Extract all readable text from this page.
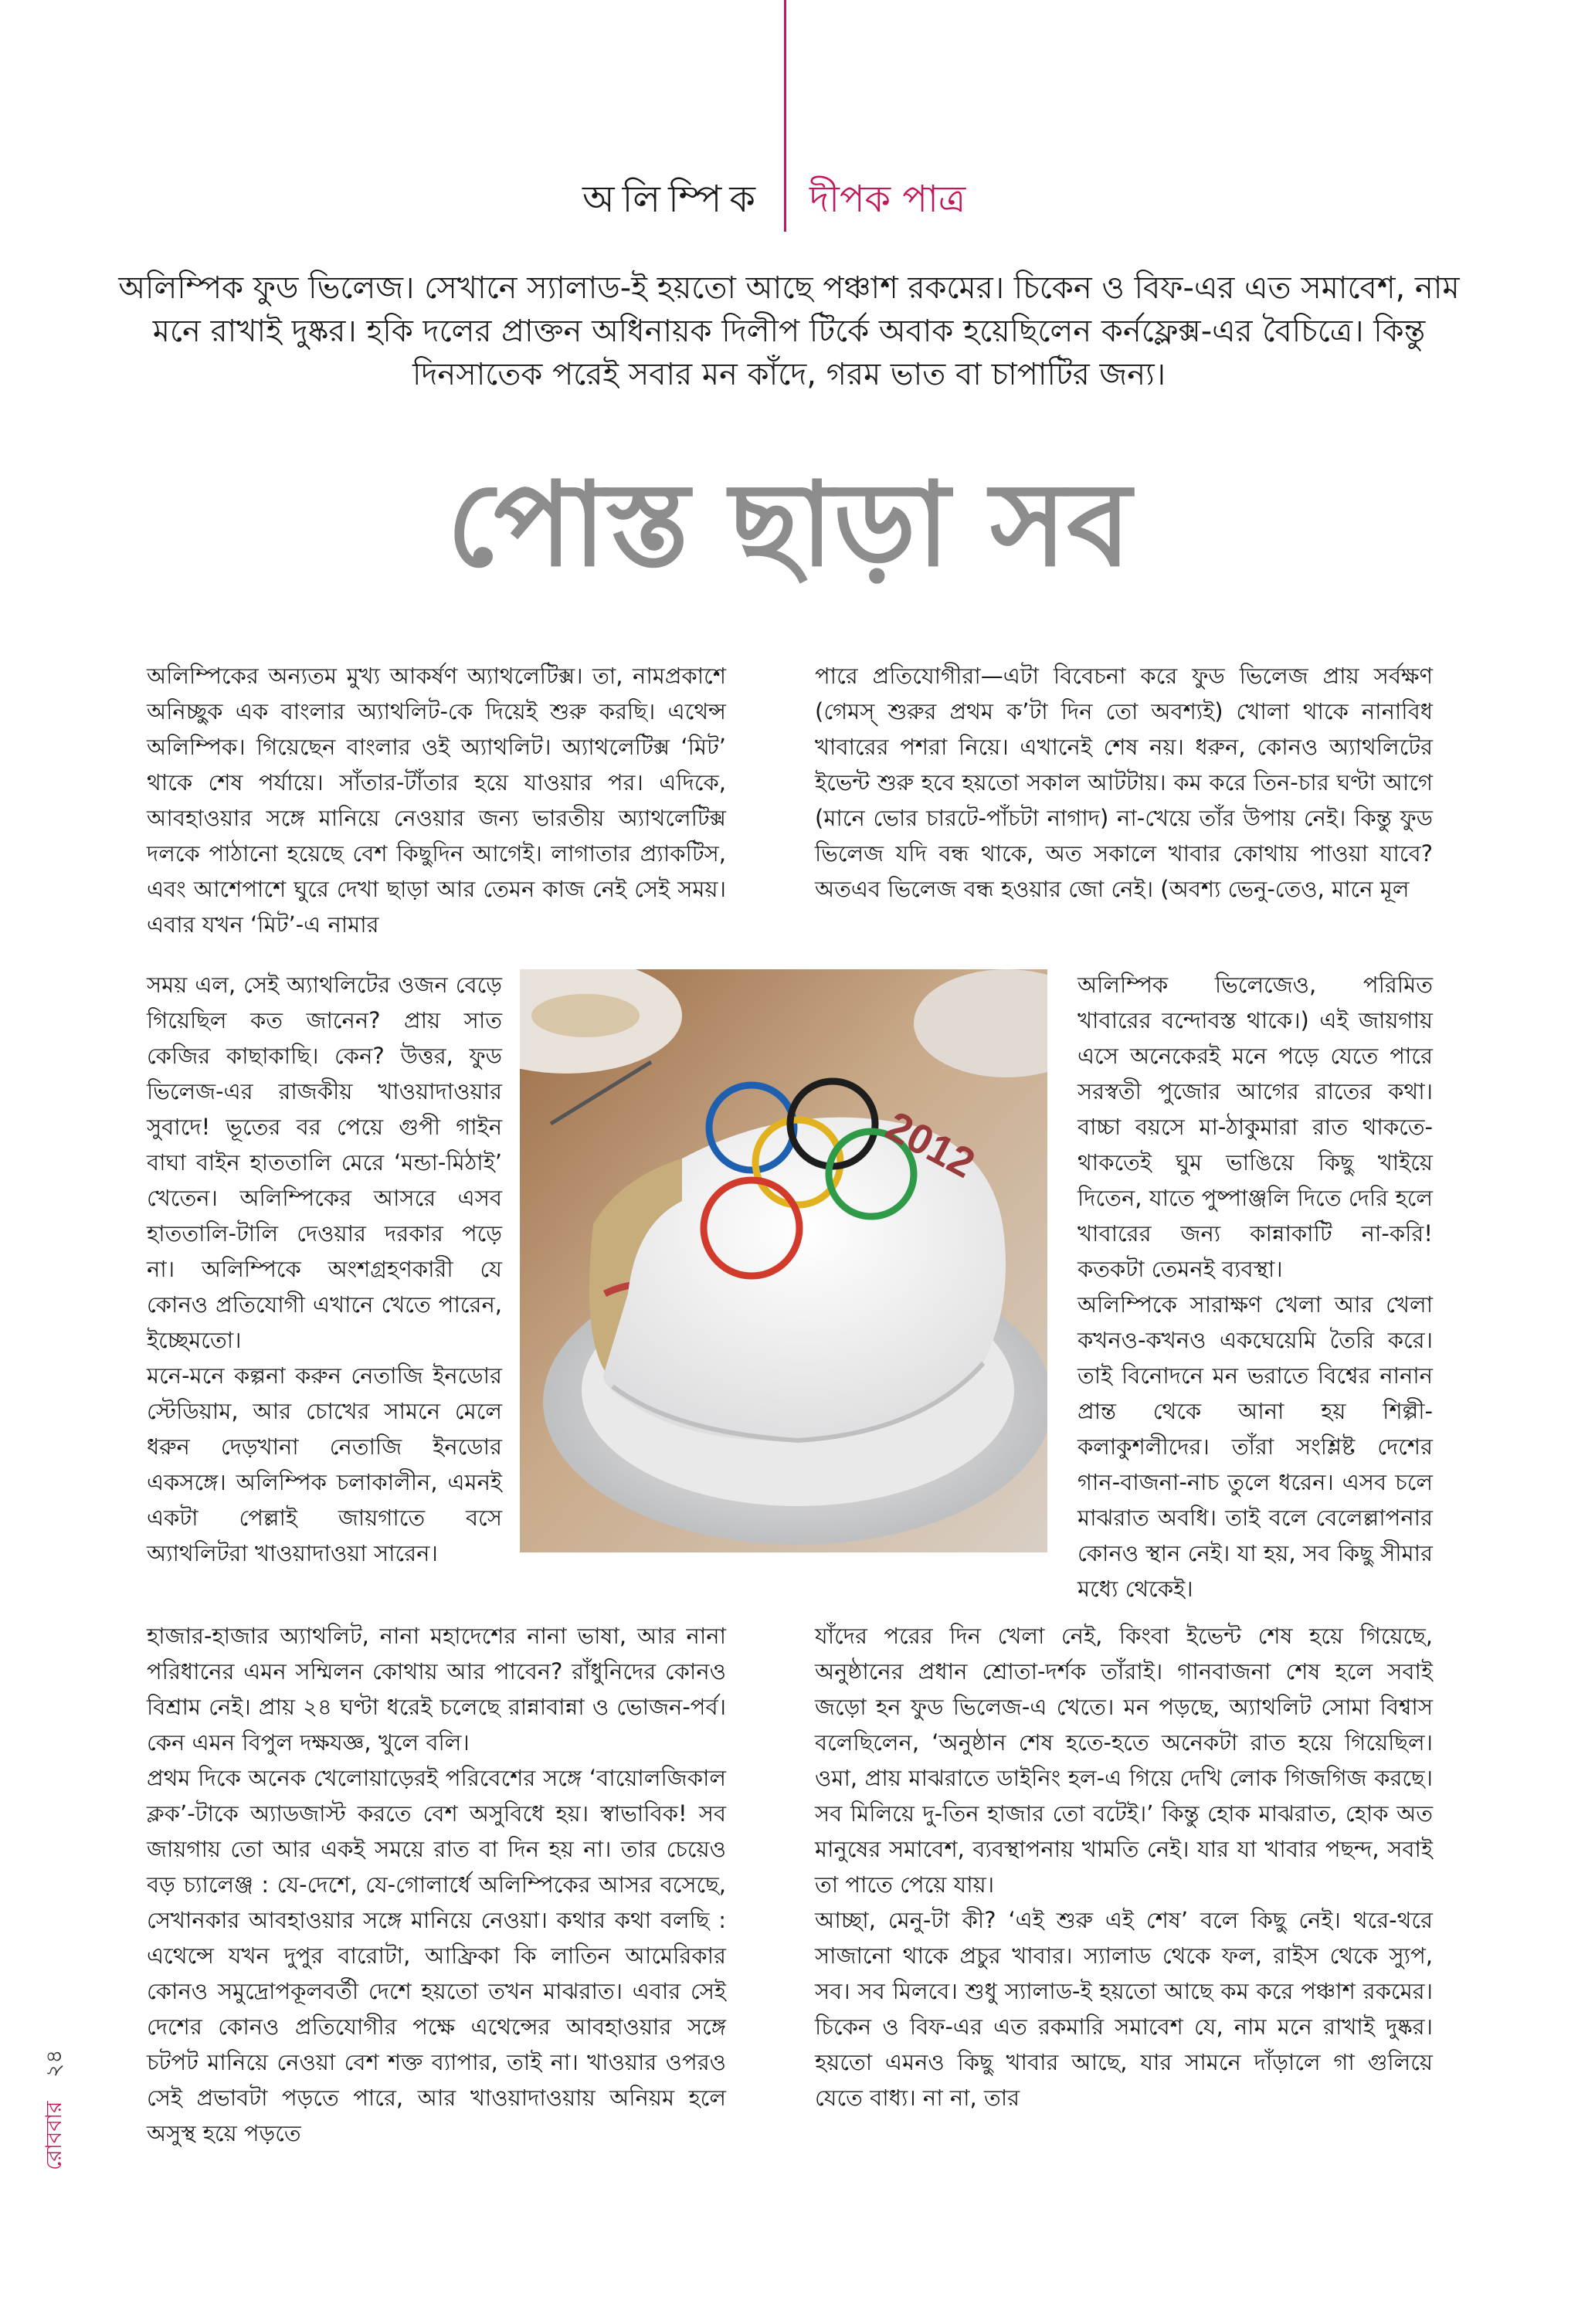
অলিম্পিক দীপক পাত্র

অলিম্পিক ফুড ভিলেজ। সেখানে স্যালাড-ই হয়তো আছে পঞ্চাশ রকমের। চিকেন ও বিফ-এর এত সমাবেশ, নাম মনে রাখাই দুষ্কর। হকি দলের প্রাক্তন অধিনায়ক দিলীপ টির্কে অবাক হয়েছিলেন কর্নফ্লেক্স-এর বৈচিত্রে। কিন্তু দিনসাতেক পরেই সবার মন কাঁদে, গরম ভাত বা চাপাটির জন্য।

পোস্ত ছাড়া সব

অলিম্পিকের অন্যতম মুখ্য আকর্ষণ অ্যাথলেটিক্স। তা, নামপ্রকাশে অনিচ্ছুক এক বাংলার অ্যাথলিট-কে দিয়েই শুরু করছি। এথেন্স অলিম্পিক। গিয়েছেন বাংলার ওই অ্যাথলিট। অ্যাথলেটিক্স ‘মিট’ থাকে শেষ পর্যায়ে। সাঁতার-টাঁতার হয়ে যাওয়ার পর। এদিকে, আবহাওয়ার সঙ্গে মানিয়ে নেওয়ার জন্য ভারতীয় অ্যাথলেটিক্স দলকে পাঠানো হয়েছে বেশ কিছুদিন আগেই। লাগাতার প্র্যাকটিস, এবং আশেপাশে ঘুরে দেখা ছাড়া আর তেমন কাজ নেই সেই সময়। এবার যখন ‘মিট’-এ নামার

সময় এল, সেই অ্যাথলিটের ওজন বেড়ে গিয়েছিল কত জানেন? প্রায় সাত কেজির কাছাকাছি। কেন? উত্তর, ফুড ভিলেজ-এর রাজকীয় খাওয়াদাওয়ার সুবাদে! ভূতের বর পেয়ে গুপী গাইন বাঘা বাইন হাততালি মেরে ‘মন্ডা-মিঠাই’ খেতেন। অলিম্পিকের আসরে এসব হাততালি-টালি দেওয়ার দরকার পড়ে না। অলিম্পিকে অংশগ্রহণকারী যে কোনও প্রতিযোগী এখানে খেতে পারেন, ইচ্ছেমতো।
মনে-মনে কল্পনা করুন নেতাজি ইনডোর স্টেডিয়াম, আর চোখের সামনে মেলে ধরুন দেড়খানা নেতাজি ইনডোর একসঙ্গে। অলিম্পিক চলাকালীন, এমনই একটা পেল্লাই জায়গাতে বসে অ্যাথলিটরা খাওয়াদাওয়া সারেন।

হাজার-হাজার অ্যাথলিট, নানা মহাদেশের নানা ভাষা, আর নানা পরিধানের এমন সম্মিলন কোথায় আর পাবেন? রাঁধুনিদের কোনও বিশ্রাম নেই। প্রায় ২৪ ঘণ্টা ধরেই চলেছে রান্নাবান্না ও ভোজন-পর্ব। কেন এমন বিপুল দক্ষযজ্ঞ, খুলে বলি।
প্রথম দিকে অনেক খেলোয়াড়েরই পরিবেশের সঙ্গে ‘বায়োলজিকাল ক্লক’-টাকে অ্যাডজাস্ট করতে বেশ অসুবিধে হয়। স্বাভাবিক! সব জায়গায় তো আর একই সময়ে রাত বা দিন হয় না। তার চেয়েও বড় চ্যালেঞ্জ : যে-দেশে, যে-গোলার্ধে অলিম্পিকের আসর বসেছে, সেখানকার আবহাওয়ার সঙ্গে মানিয়ে নেওয়া। কথার কথা বলছি : এথেন্সে যখন দুপুর বারোটা, আফ্রিকা কি লাতিন আমেরিকার কোনও সমুদ্রোপকূলবর্তী দেশে হয়তো তখন মাঝরাত। এবার সেই দেশের কোনও প্রতিযোগীর পক্ষে এথেন্সের আবহাওয়ার সঙ্গে চটপট মানিয়ে নেওয়া বেশ শক্ত ব্যাপার, তাই না। খাওয়ার ওপরও সেই প্রভাবটা পড়তে পারে, আর খাওয়াদাওয়ায় অনিয়ম হলে অসুস্থ হয়ে পড়তে

পারে প্রতিযোগীরা—এটা বিবেচনা করে ফুড ভিলেজ প্রায় সর্বক্ষণ (গেমস্ শুরুর প্রথম ক’টা দিন তো অবশ্যই) খোলা থাকে নানাবিধ খাবারের পশরা নিয়ে। এখানেই শেষ নয়। ধরুন, কোনও অ্যাথলিটের ইভেন্ট শুরু হবে হয়তো সকাল আটটায়। কম করে তিন-চার ঘণ্টা আগে (মানে ভোর চারটে-পাঁচটা নাগাদ) না-খেয়ে তাঁর উপায় নেই। কিন্তু ফুড ভিলেজ যদি বন্ধ থাকে, অত সকালে খাবার কোথায় পাওয়া যাবে? অতএব ভিলেজ বন্ধ হওয়ার জো নেই। (অবশ্য ভেনু-তেও, মানে মূল

অলিম্পিক ভিলেজেও, পরিমিত খাবারের বন্দোবস্ত থাকে।) এই জায়গায় এসে অনেকেরই মনে পড়ে যেতে পারে সরস্বতী পুজোর আগের রাতের কথা। বাচ্চা বয়সে মা-ঠাকুমারা রাত থাকতে-থাকতেই ঘুম ভাঙিয়ে কিছু খাইয়ে দিতেন, যাতে পুষ্পাঞ্জলি দিতে দেরি হলে খাবারের জন্য কান্নাকাটি না-করি! কতকটা তেমনই ব্যবস্থা।
অলিম্পিকে সারাক্ষণ খেলা আর খেলা কখনও-কখনও একঘেয়েমি তৈরি করে। তাই বিনোদনে মন ভরাতে বিশ্বের নানান প্রান্ত থেকে আনা হয় শিল্পী-কলাকুশলীদের। তাঁরা সংশ্লিষ্ট দেশের গান-বাজনা-নাচ তুলে ধরেন। এসব চলে মাঝরাত অবধি। তাই বলে বেলেল্লাপনার কোনও স্থান নেই। যা হয়, সব কিছু সীমার মধ্যে থেকেই।

যাঁদের পরের দিন খেলা নেই, কিংবা ইভেন্ট শেষ হয়ে গিয়েছে, অনুষ্ঠানের প্রধান শ্রোতা-দর্শক তাঁরাই। গানবাজনা শেষ হলে সবাই জড়ো হন ফুড ভিলেজ-এ খেতে। মন পড়ছে, অ্যাথলিট সোমা বিশ্বাস বলেছিলেন, ‘অনুষ্ঠান শেষ হতে-হতে অনেকটা রাত হয়ে গিয়েছিল। ওমা, প্রায় মাঝরাতে ডাইনিং হল-এ গিয়ে দেখি লোক গিজগিজ করছে। সব মিলিয়ে দু-তিন হাজার তো বটেই।’ কিন্তু হোক মাঝরাত, হোক অত মানুষের সমাবেশ, ব্যবস্থাপনায় খামতি নেই। যার যা খাবার পছন্দ, সবাই তা পাতে পেয়ে যায়।
আচ্ছা, মেনু-টা কী? ‘এই শুরু এই শেষ’ বলে কিছু নেই। থরে-থরে সাজানো থাকে প্রচুর খাবার। স্যালাড থেকে ফল, রাইস থেকে স্যুপ, সব। সব মিলবে। শুধু স্যালাড-ই হয়তো আছে কম করে পঞ্চাশ রকমের। চিকেন ও বিফ-এর এত রকমারি সমাবেশ যে, নাম মনে রাখাই দুষ্কর। হয়তো এমনও কিছু খাবার আছে, যার সামনে দাঁড়ালে গা গুলিয়ে যেতে বাধ্য। না না, তার

2012
২৪
রোববার
